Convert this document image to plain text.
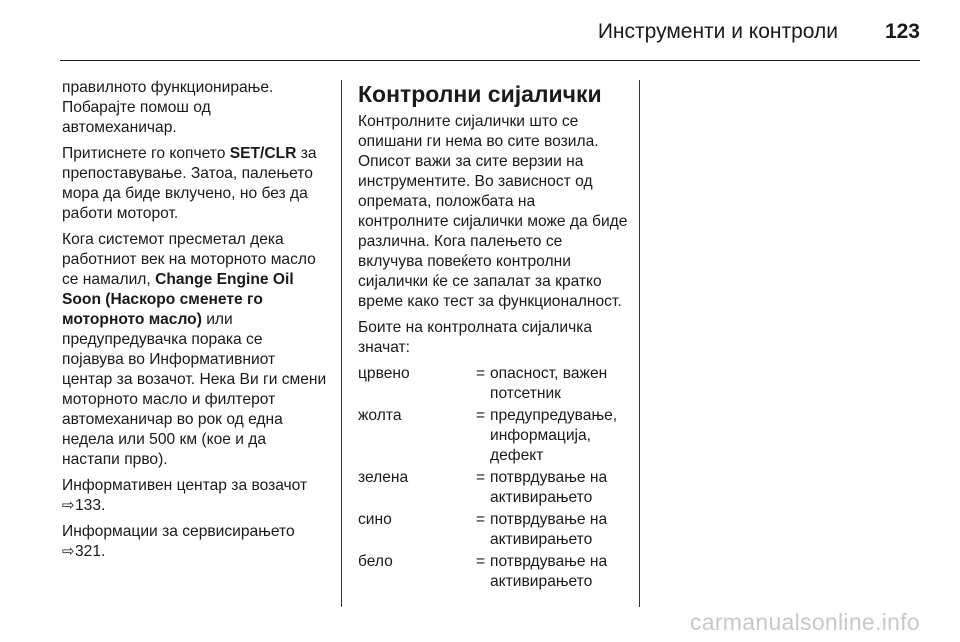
Инструменти и контроли 123

правилното функционирање. Побарајте помош од автомеханичар.

Притиснете го копчето SET/CLR за препоставување. Затоа, палењето мора да биде вклучено, но без да работи моторот.

Кога системот пресметал дека работниот век на моторното масло се намалил, Change Engine Oil Soon (Наскоро сменете го моторното масло) или предупредувачка порака се појавува во Информативниот центар за возачот. Нека Ви ги смени моторното масло и филтерот автомеханичар во рок од една недела или 500 км (кое и да настапи прво).

Информативен центар за возачот
⇨133.

Информации за сервисирањето
⇨321.

Контролни сијалички

Контролните сијалички што се опишани ги нема во сите возила. Описот важи за сите верзии на инструментите. Во зависност од опремата, положбата на контролните сијалички може да биде различна. Кога палењето се вклучува повеќето контролни сијалички ќе се запалат за кратко време како тест за функционалност.

Боите на контролната сијаличка значат:

црвено	= опасност, важен потсетник
жолта	= предупредување, информација, дефект
зелена	= потврдување на активирањето
сино	= потврдување на активирањето
бело	= потврдување на активирањето
carmanualsonline.info
